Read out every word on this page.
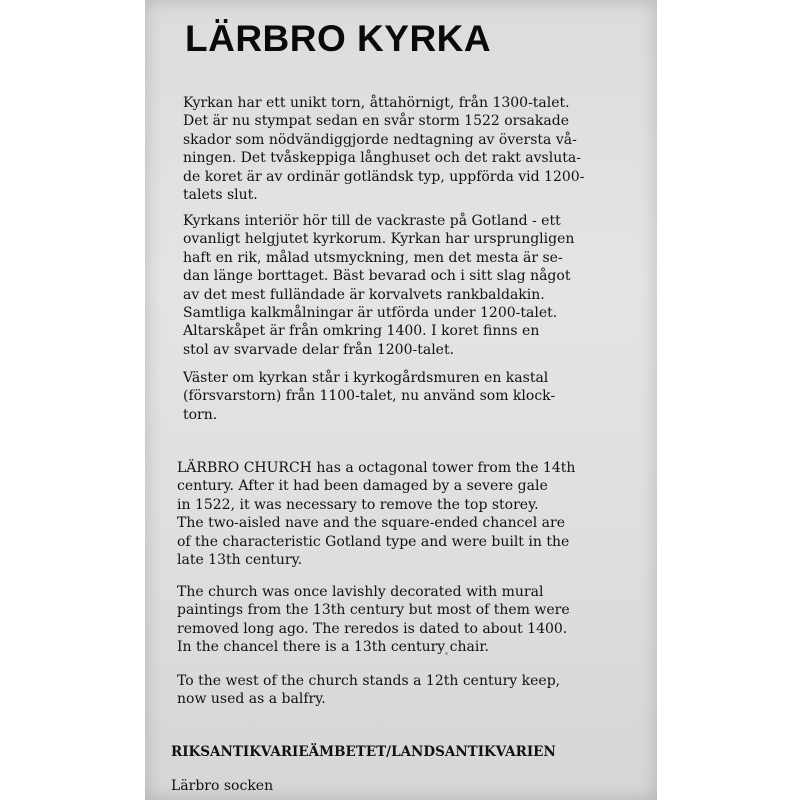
LÄRBRO KYRKA

Kyrkan har ett unikt torn, åttahörnigt, från 1300-talet.
Det är nu stympat sedan en svår storm 1522 orsakade
skador som nödvändiggjorde nedtagning av översta vå-
ningen. Det tvåskeppiga långhuset och det rakt avsluta-
de koret är av ordinär gotländsk typ, uppförda vid 1200-
talets slut.

Kyrkans interiör hör till de vackraste på Gotland - ett
ovanligt helgjutet kyrkorum. Kyrkan har ursprungligen
haft en rik, målad utsmyckning, men det mesta är se-
dan länge borttaget. Bäst bevarad och i sitt slag något
av det mest fulländade är korvalvets rankbaldakin.
Samtliga kalkmålningar är utförda under 1200-talet.
Altarskåpet är från omkring 1400. I koret finns en
stol av svarvade delar från 1200-talet.

Väster om kyrkan står i kyrkogårdsmuren en kastal
(försvarstorn) från 1100-talet, nu använd som klock-
torn.

LÄRBRO CHURCH has a octagonal tower from the 14th
century. After it had been damaged by a severe gale
in 1522, it was necessary to remove the top storey.
The two-aisled nave and the square-ended chancel are
of the characteristic Gotland type and were built in the
late 13th century.

The church was once lavishly decorated with mural
paintings from the 13th century but most of them were
removed long ago. The reredos is dated to about 1400.
In the chancel there is a 13th century chair.

To the west of the church stands a 12th century keep,
now used as a balfry.

RIKSANTIKVARIEÄMBETET/LANDSANTIKVARIEN

Lärbro socken
